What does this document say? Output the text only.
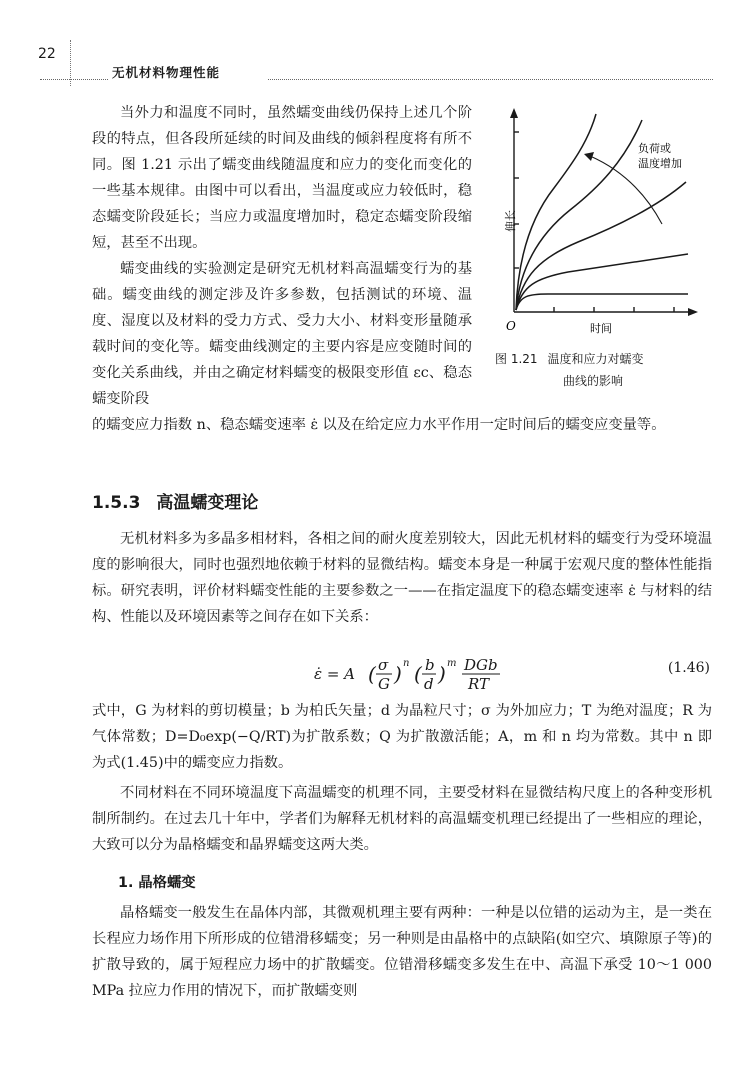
22
无机材料物理性能

当外力和温度不同时，虽然蠕变曲线仍保持上述几个阶段的特点，但各段所延续的时间及曲线的倾斜程度将有所不同。图 1.21 示出了蠕变曲线随温度和应力的变化而变化的一些基本规律。由图中可以看出，当温度或应力较低时，稳态蠕变阶段延长；当应力或温度增加时，稳定态蠕变阶段缩短，甚至不出现。

蠕变曲线的实验测定是研究无机材料高温蠕变行为的基础。蠕变曲线的测定涉及许多参数，包括测试的环境、温度、湿度以及材料的受力方式、受力大小、材料变形量随承载时间的变化等。蠕变曲线测定的主要内容是应变随时间的变化关系曲线，并由之确定材料蠕变的极限变形值 εc、稳态蠕变阶段

的蠕变应力指数 n、稳态蠕变速率 ε̇ 以及在给定应力水平作用一定时间后的蠕变应变量等。

负荷或
温度增加
伸长
O	时间
图 1.21 温度和应力对蠕变
曲线的影响
1.5.3 高温蠕变理论

无机材料多为多晶多相材料，各相之间的耐火度差别较大，因此无机材料的蠕变行为受环境温度的影响很大，同时也强烈地依赖于材料的显微结构。蠕变本身是一种属于宏观尺度的整体性能指标。研究表明，评价材料蠕变性能的主要参数之一——在指定温度下的稳态蠕变速率 ε̇ 与材料的结构、性能以及环境因素等之间存在如下关系：

ε̇ = A ( σ
G ) n ( b
d ) m DGb
RT
(1.46)

式中，G 为材料的剪切模量；b 为柏氏矢量；d 为晶粒尺寸；σ 为外加应力；T 为绝对温度；R 为气体常数；D=D₀exp(−Q/RT)为扩散系数；Q 为扩散激活能；A，m 和 n 均为常数。其中 n 即为式(1.45)中的蠕变应力指数。

不同材料在不同环境温度下高温蠕变的机理不同，主要受材料在显微结构尺度上的各种变形机制所制约。在过去几十年中，学者们为解释无机材料的高温蠕变机理已经提出了一些相应的理论，大致可以分为晶格蠕变和晶界蠕变这两大类。

1. 晶格蠕变

晶格蠕变一般发生在晶体内部，其微观机理主要有两种：一种是以位错的运动为主，是一类在长程应力场作用下所形成的位错滑移蠕变；另一种则是由晶格中的点缺陷(如空穴、填隙原子等)的扩散导致的，属于短程应力场中的扩散蠕变。位错滑移蠕变多发生在中、高温下承受 10～1 000 MPa 拉应力作用的情况下，而扩散蠕变则
